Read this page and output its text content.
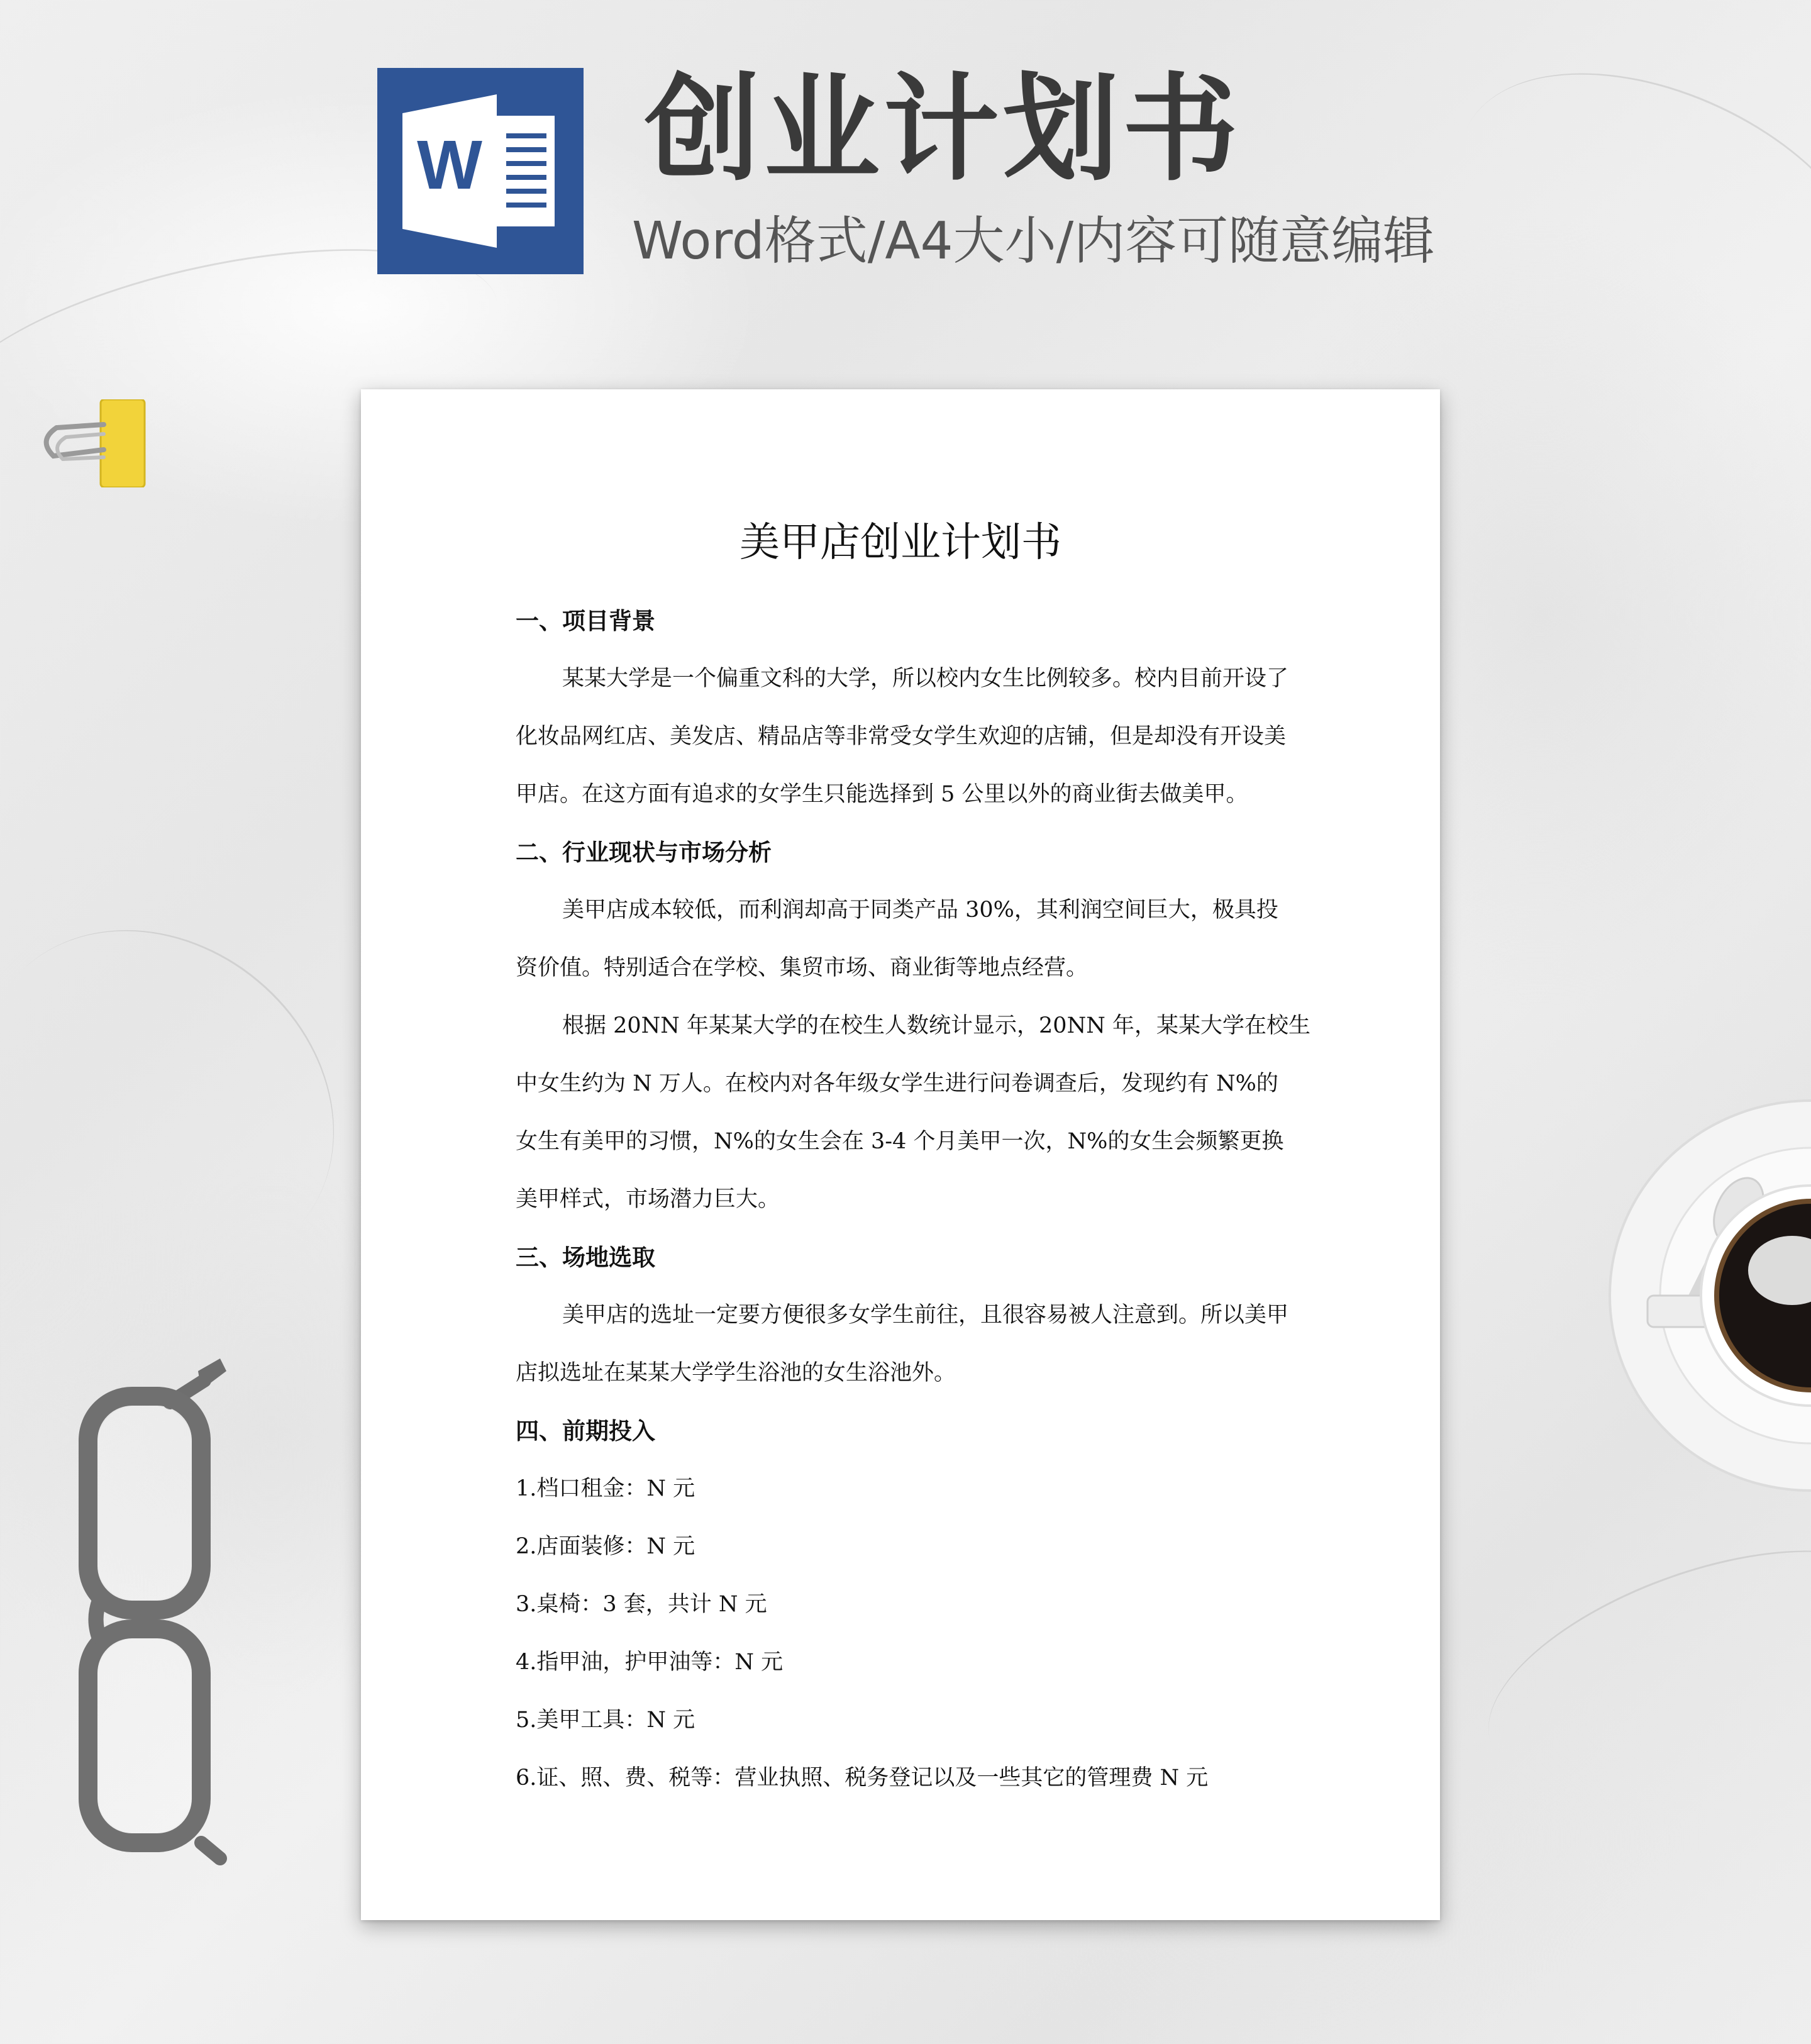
W 创业计划书
Word格式/A4大小/内容可随意编辑
美甲店创业计划书

一、项目背景

某某大学是一个偏重文科的大学，所以校内女生比例较多。校内目前开设了

化妆品网红店、美发店、精品店等非常受女学生欢迎的店铺，但是却没有开设美

甲店。在这方面有追求的女学生只能选择到 5 公里以外的商业街去做美甲。

二、行业现状与市场分析

美甲店成本较低，而利润却高于同类产品 30%，其利润空间巨大，极具投

资价值。特别适合在学校、集贸市场、商业街等地点经营。

根据 20NN 年某某大学的在校生人数统计显示，20NN 年，某某大学在校生

中女生约为 N 万人。在校内对各年级女学生进行问卷调查后，发现约有 N%的

女生有美甲的习惯，N%的女生会在 3-4 个月美甲一次，N%的女生会频繁更换

美甲样式，市场潜力巨大。

三、场地选取

美甲店的选址一定要方便很多女学生前往，且很容易被人注意到。所以美甲

店拟选址在某某大学学生浴池的女生浴池外。

四、前期投入

1.档口租金：N 元

2.店面装修：N 元

3.桌椅：3 套，共计 N 元

4.指甲油，护甲油等：N 元

5.美甲工具：N 元

6.证、照、费、税等：营业执照、税务登记以及一些其它的管理费 N 元
